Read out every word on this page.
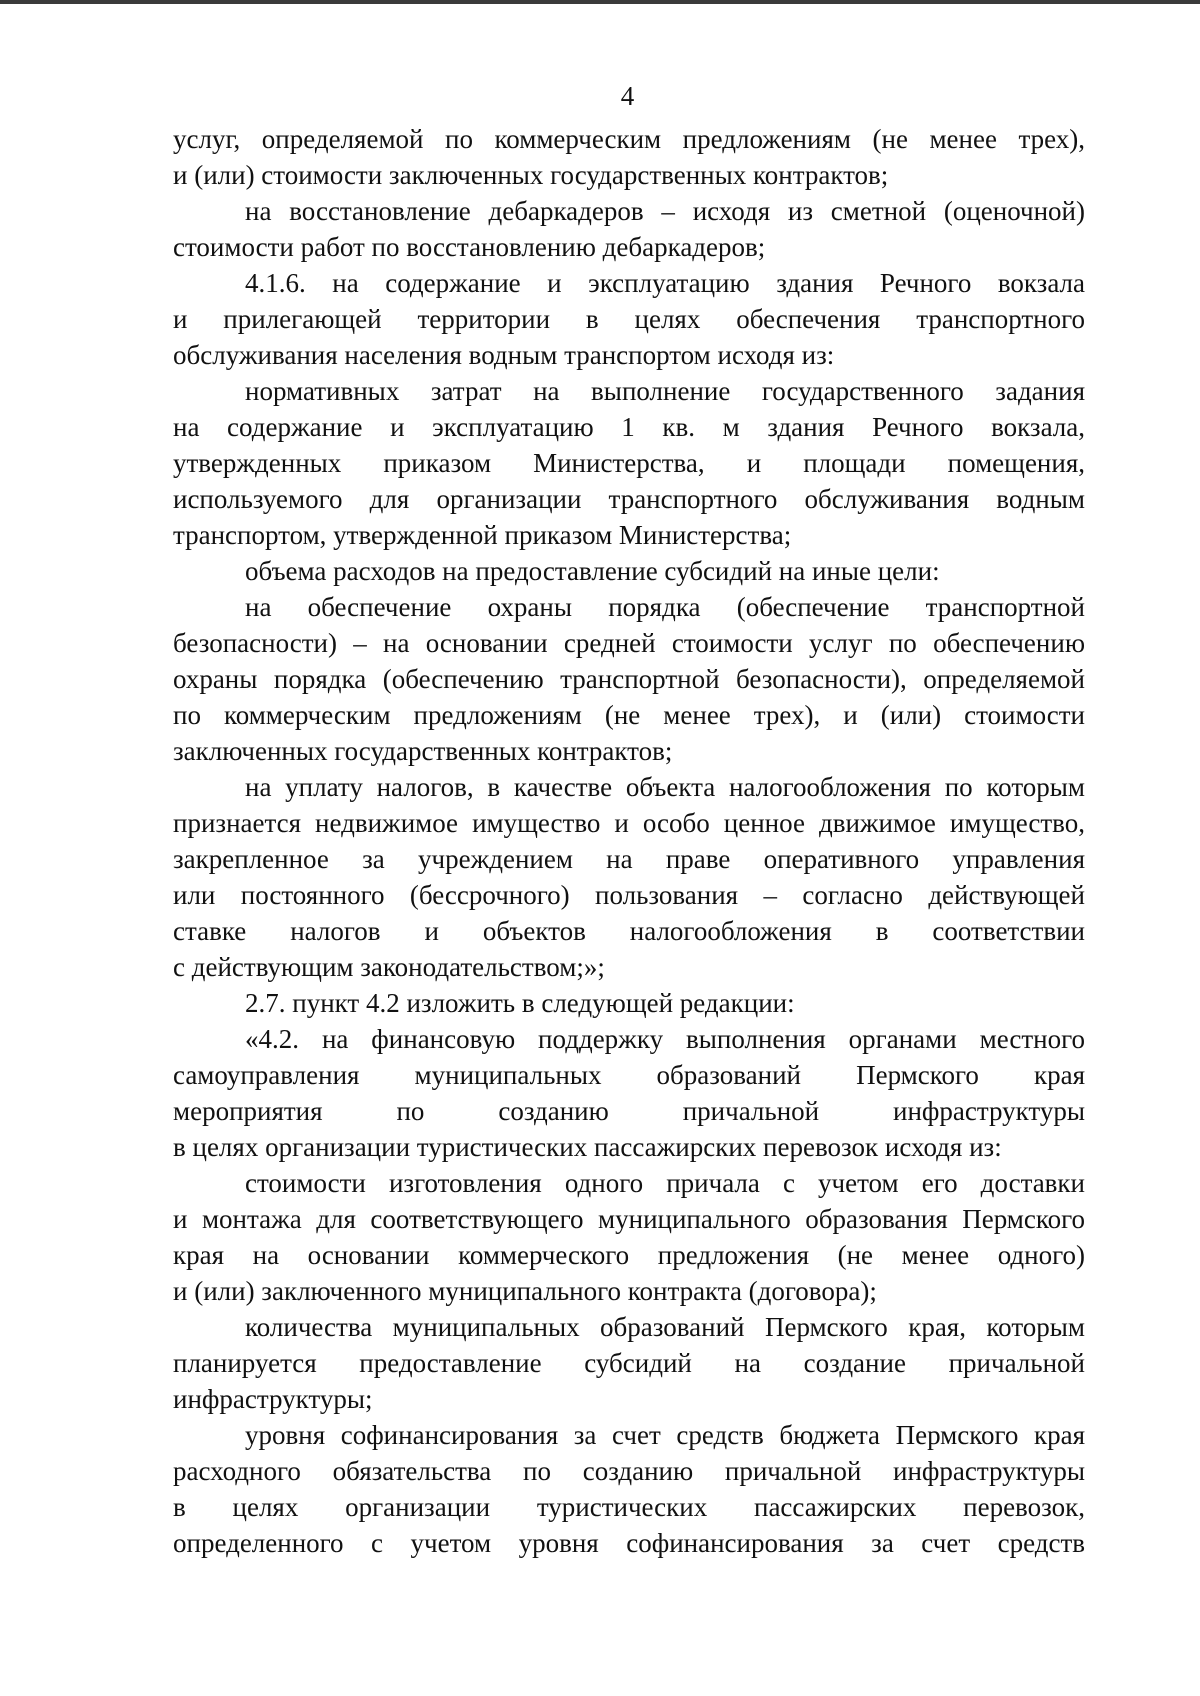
4
услуг, определяемой по коммерческим предложениям (не менее трех),
и (или) стоимости заключенных государственных контрактов;
на восстановление дебаркадеров – исходя из сметной (оценочной)
стоимости работ по восстановлению дебаркадеров;
4.1.6. на содержание и эксплуатацию здания Речного вокзала
и прилегающей территории в целях обеспечения транспортного
обслуживания населения водным транспортом исходя из:
нормативных затрат на выполнение государственного задания
на содержание и эксплуатацию 1 кв. м здания Речного вокзала,
утвержденных приказом Министерства, и площади помещения,
используемого для организации транспортного обслуживания водным
транспортом, утвержденной приказом Министерства;
объема расходов на предоставление субсидий на иные цели:
на обеспечение охраны порядка (обеспечение транспортной
безопасности) – на основании средней стоимости услуг по обеспечению
охраны порядка (обеспечению транспортной безопасности), определяемой
по коммерческим предложениям (не менее трех), и (или) стоимости
заключенных государственных контрактов;
на уплату налогов, в качестве объекта налогообложения по которым
признается недвижимое имущество и особо ценное движимое имущество,
закрепленное за учреждением на праве оперативного управления
или постоянного (бессрочного) пользования – согласно действующей
ставке налогов и объектов налогообложения в соответствии
с действующим законодательством;»;
2.7. пункт 4.2 изложить в следующей редакции:
«4.2. на финансовую поддержку выполнения органами местного
самоуправления муниципальных образований Пермского края
мероприятия по созданию причальной инфраструктуры
в целях организации туристических пассажирских перевозок исходя из:
стоимости изготовления одного причала с учетом его доставки
и монтажа для соответствующего муниципального образования Пермского
края на основании коммерческого предложения (не менее одного)
и (или) заключенного муниципального контракта (договора);
количества муниципальных образований Пермского края, которым
планируется предоставление субсидий на создание причальной
инфраструктуры;
уровня софинансирования за счет средств бюджета Пермского края
расходного обязательства по созданию причальной инфраструктуры
в целях организации туристических пассажирских перевозок,
определенного с учетом уровня софинансирования за счет средств
